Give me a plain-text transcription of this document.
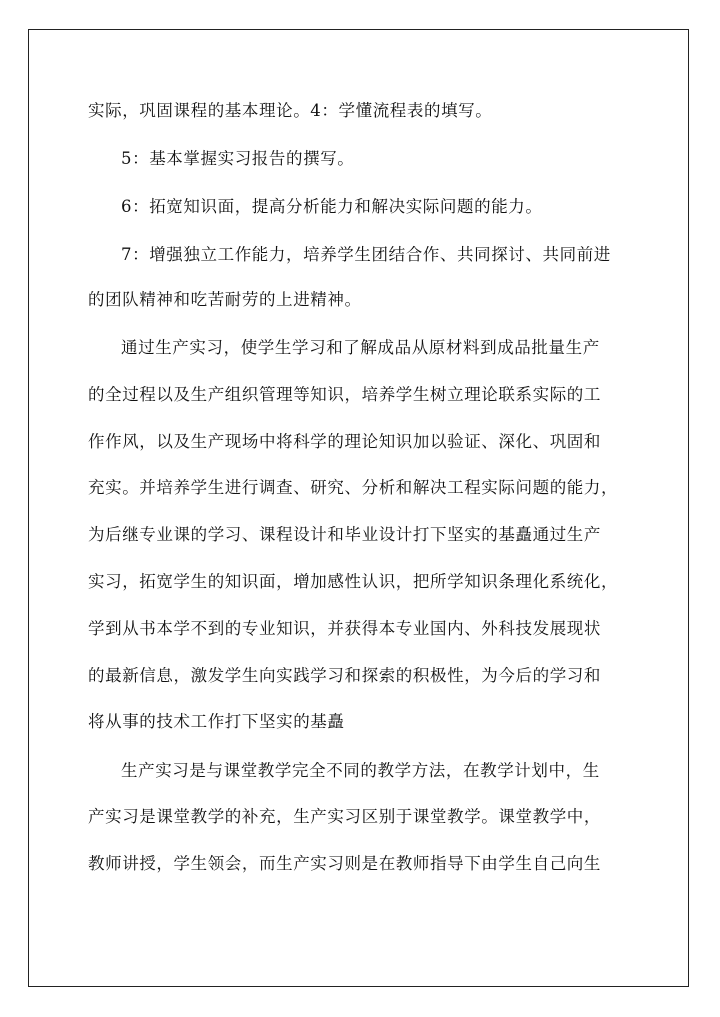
实际，巩固课程的基本理论。4：学懂流程表的填写。
5：基本掌握实习报告的撰写。
6：拓宽知识面，提高分析能力和解决实际问题的能力。
7：增强独立工作能力，培养学生团结合作、共同探讨、共同前进
的团队精神和吃苦耐劳的上进精神。
通过生产实习，使学生学习和了解成品从原材料到成品批量生产
的全过程以及生产组织管理等知识，培养学生树立理论联系实际的工
作作风，以及生产现场中将科学的理论知识加以验证、深化、巩固和
充实。并培养学生进行调查、研究、分析和解决工程实际问题的能力，
为后继专业课的学习、课程设计和毕业设计打下坚实的基矗通过生产
实习，拓宽学生的知识面，增加感性认识，把所学知识条理化系统化，
学到从书本学不到的专业知识，并获得本专业国内、外科技发展现状
的最新信息，激发学生向实践学习和探索的积极性，为今后的学习和
将从事的技术工作打下坚实的基矗
生产实习是与课堂教学完全不同的教学方法，在教学计划中，生
产实习是课堂教学的补充，生产实习区别于课堂教学。课堂教学中，
教师讲授，学生领会，而生产实习则是在教师指导下由学生自己向生
